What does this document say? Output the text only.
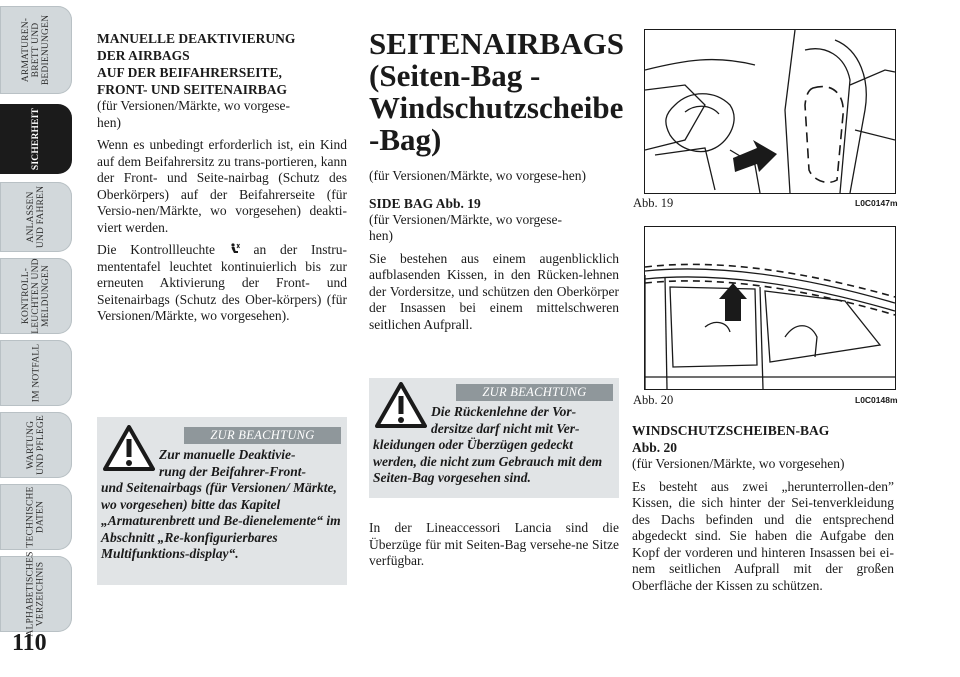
ARMATUREN-
BRETT UND
BEDIENUNGEN
SICHERHEIT
ANLASSEN
UND FAHREN
KONTROLL-
LEUCHTEN UND
MELDUNGEN
IM NOTFALL
WARTUNG
UND PFLEGE
TECHNISCHE
DATEN
ALPHABETISCHES
VERZEICHNIS
110

MANUELLE DEAKTIVIERUNG
DER AIRBAGS
AUF DER BEIFAHRERSEITE,
FRONT- UND SEITENAIRBAG

(für Versionen/Märkte, wo vorgese-
hen)

Wenn es unbedingt erforderlich ist, ein Kind auf dem Beifahrersitz zu trans-portieren, kann der Front- und Seite-nairbag (Schutz des Oberkörpers) auf der Beifahrerseite (für Versio-nen/Märkte, wo vorgesehen) deakti-viert werden.

Die Kontrollleuchte  an der Instru-mententafel leuchtet kontinuierlich bis zur erneuten Aktivierung der Front- und Seitenairbags (Schutz des Ober-körpers) (für Versionen/Märkte, wo vorgesehen).

ZUR BEACHTUNG
Zur manuelle Deaktivie-
rung der Beifahrer-Front-
und Seitenairbags (für Versionen/ Märkte, wo vorgesehen) bitte das Kapitel „Armaturenbrett und Be-dienelemente“ im Abschnitt „Re-konfigurierbares Multifunktions-display“.
SEITENAIRBAGS
(Seiten-Bag -
Windschutzscheibe
-Bag)

(für Versionen/Märkte, wo vorgese-hen)

SIDE BAG Abb. 19

(für Versionen/Märkte, wo vorgese-
hen)

Sie bestehen aus einem augenblicklich aufblasenden Kissen, in den Rücken-lehnen der Vordersitze, und schützen den Oberkörper der Insassen bei einem mittelschweren seitlichen Aufprall.

ZUR BEACHTUNG
Die Rückenlehne der Vor-
dersitze darf nicht mit Ver-
kleidungen oder Überzügen gedeckt werden, die nicht zum Gebrauch mit dem Seiten-Bag vorgesehen sind.

In der Lineaccessori Lancia sind die Überzüge für mit Seiten-Bag versehe-ne Sitze verfügbar.

Abb. 19	L0C0147m
Abb. 20	L0C0148m

WINDSCHUTZSCHEIBEN-BAG
Abb. 20

(für Versionen/Märkte, wo vorgesehen)

Es besteht aus zwei „herunterrollen-den” Kissen, die sich hinter der Sei-tenverkleidung des Dachs befinden und die entsprechend abgedeckt sind. Sie haben die Aufgabe den Kopf der vorderen und hinteren Insassen bei ei-nem seitlichen Aufprall mit der großen Oberfläche der Kissen zu schützen.
